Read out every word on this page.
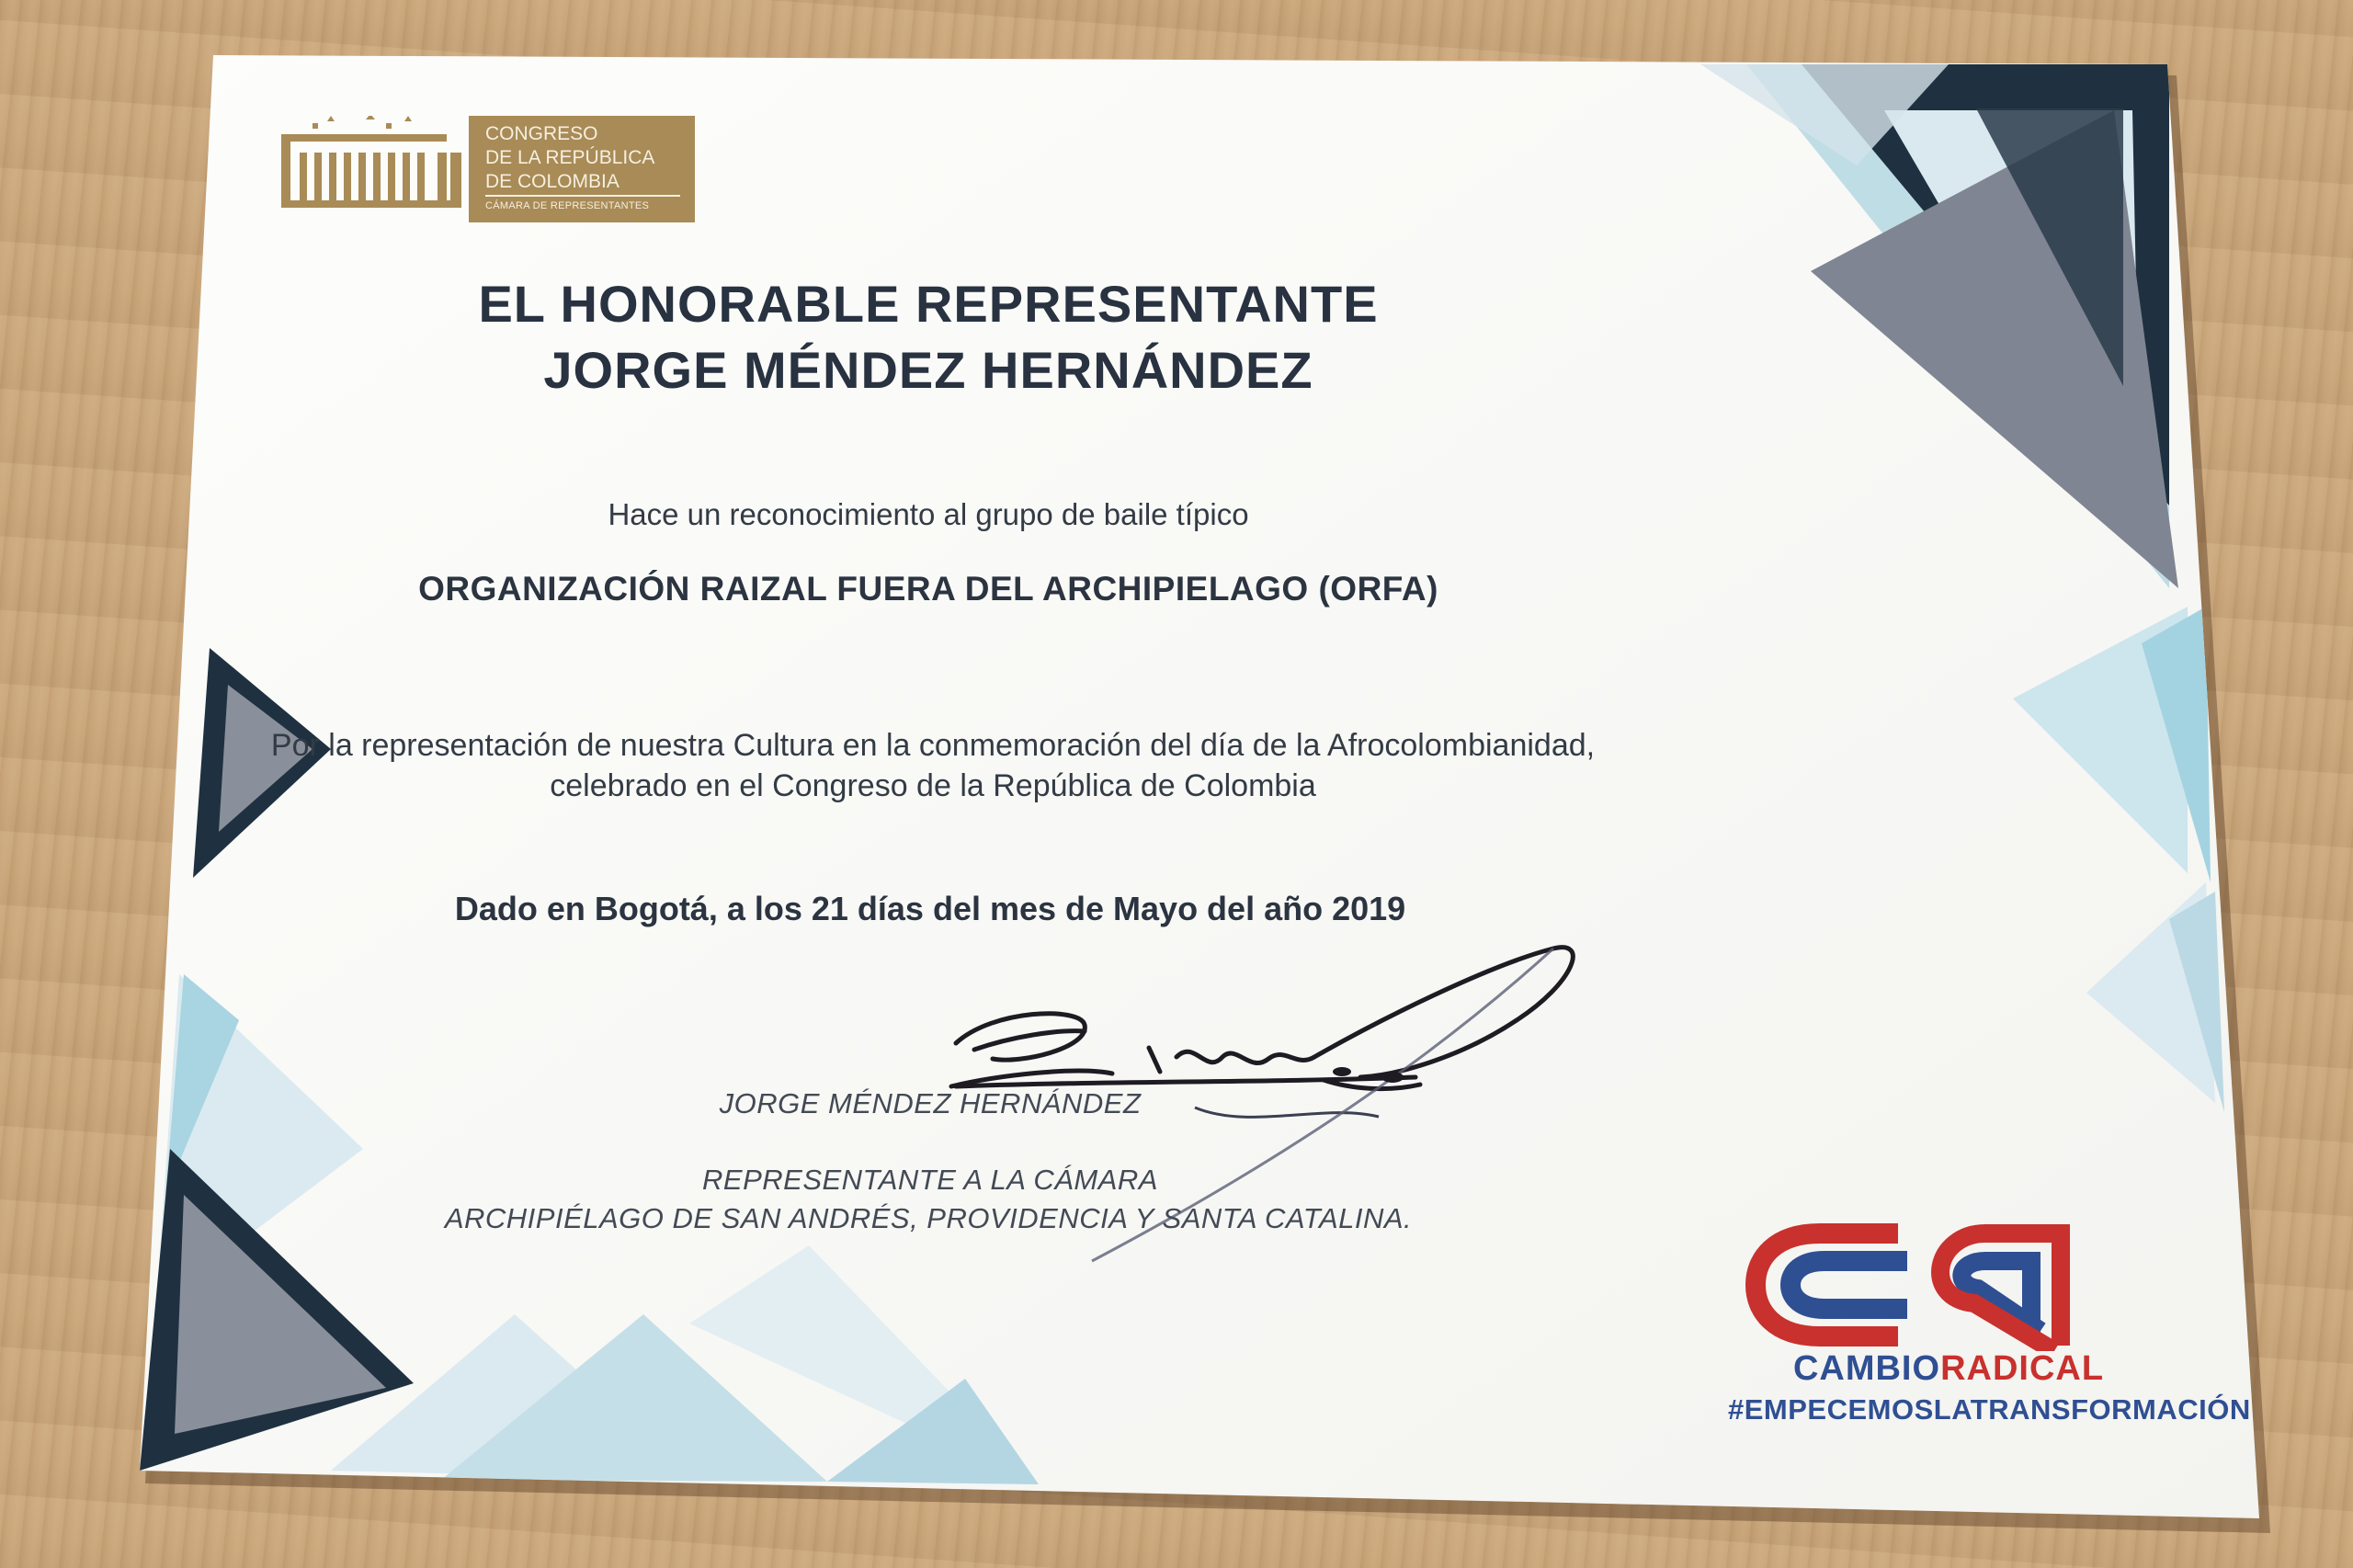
CONGRESO
DE LA REPÚBLICA
DE COLOMBIA
CÁMARA DE REPRESENTANTES
EL HONORABLE REPRESENTANTE
JORGE MÉNDEZ HERNÁNDEZ
Hace un reconocimiento al grupo de baile típico
ORGANIZACIÓN RAIZAL FUERA DEL ARCHIPIELAGO (ORFA)
Por la representación de nuestra Cultura en la conmemoración del día de la Afrocolombianidad,
celebrado en el Congreso de la República de Colombia
Dado en Bogotá, a los 21 días del mes de Mayo del año 2019
JORGE MÉNDEZ HERNÁNDEZ
REPRESENTANTE A LA CÁMARA
ARCHIPIÉLAGO DE SAN ANDRÉS, PROVIDENCIA Y SANTA CATALINA.
CAMBIORADICAL
#EMPECEMOSLATRANSFORMACIÓN
